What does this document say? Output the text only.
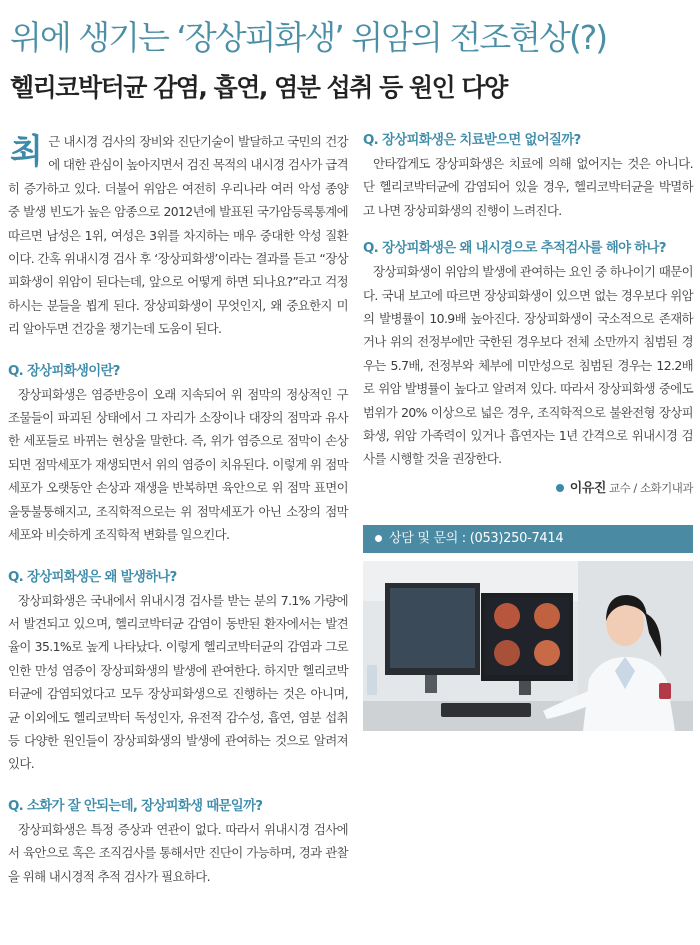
위에 생기는 ‘장상피화생’ 위암의 전조현상(?)
헬리코박터균 감염, 흡연, 염분 섭취 등 원인 다양

최근 내시경 검사의 장비와 진단기술이 발달하고 국민의 건강에 대한 관심이 높아지면서 검진 목적의 내시경 검사가 급격히 증가하고 있다. 더불어 위암은 여전히 우리나라 여러 악성 종양 중 발생 빈도가 높은 암종으로 2012년에 발표된 국가암등록통계에 따르면 남성은 1위, 여성은 3위를 차지하는 매우 중대한 악성 질환이다. 간혹 위내시경 검사 후 ‘장상피화생’이라는 결과를 듣고 “장상피화생이 위암이 된다는데, 앞으로 어떻게 하면 되나요?”라고 걱정하시는 분들을 뵙게 된다. 장상피화생이 무엇인지, 왜 중요한지 미리 알아두면 건강을 챙기는데 도움이 된다.

Q. 장상피화생이란?

장상피화생은 염증반응이 오래 지속되어 위 점막의 정상적인 구조물들이 파괴된 상태에서 그 자리가 소장이나 대장의 점막과 유사한 세포들로 바뀌는 현상을 말한다. 즉, 위가 염증으로 점막이 손상되면 점막세포가 재생되면서 위의 염증이 치유된다. 이렇게 위 점막세포가 오랫동안 손상과 재생을 반복하면 육안으로 위 점막 표면이 울퉁불퉁해지고, 조직학적으로는 위 점막세포가 아닌 소장의 점막세포와 비슷하게 조직학적 변화를 일으킨다.

Q. 장상피화생은 왜 발생하나?

장상피화생은 국내에서 위내시경 검사를 받는 분의 7.1% 가량에서 발견되고 있으며, 헬리코박터균 감염이 동반된 환자에서는 발견율이 35.1%로 높게 나타났다. 이렇게 헬리코박터균의 감염과 그로 인한 만성 염증이 장상피화생의 발생에 관여한다. 하지만 헬리코박터균에 감염되었다고 모두 장상피화생으로 진행하는 것은 아니며, 균 이외에도 헬리코박터 독성인자, 유전적 감수성, 흡연, 염분 섭취 등 다양한 원인들이 장상피화생의 발생에 관여하는 것으로 알려져 있다.

Q. 소화가 잘 안되는데, 장상피화생 때문일까?

장상피화생은 특정 증상과 연관이 없다. 따라서 위내시경 검사에서 육안으로 혹은 조직검사를 통해서만 진단이 가능하며, 경과 관찰을 위해 내시경적 추적 검사가 필요하다.

Q. 장상피화생은 치료받으면 없어질까?

안타깝게도 장상피화생은 치료에 의해 없어지는 것은 아니다. 단 헬리코박터균에 감염되어 있을 경우, 헬리코박터균을 박멸하고 나면 장상피화생의 진행이 느려진다.

Q. 장상피화생은 왜 내시경으로 추적검사를 해야 하나?

장상피화생이 위암의 발생에 관여하는 요인 중 하나이기 때문이다. 국내 보고에 따르면 장상피화생이 있으면 없는 경우보다 위암의 발병률이 10.9배 높아진다. 장상피화생이 국소적으로 존재하거나 위의 전정부에만 국한된 경우보다 전체 소만까지 침범된 경우는 5.7배, 전정부와 체부에 미만성으로 침범된 경우는 12.2배로 위암 발병률이 높다고 알려져 있다. 따라서 장상피화생 중에도 범위가 20% 이상으로 넓은 경우, 조직학적으로 불완전형 장상피화생, 위암 가족력이 있거나 흡연자는 1년 간격으로 위내시경 검사를 시행할 것을 권장한다.

이유진 교수 / 소화기내과
상담 및 문의 : (053)250-7414
